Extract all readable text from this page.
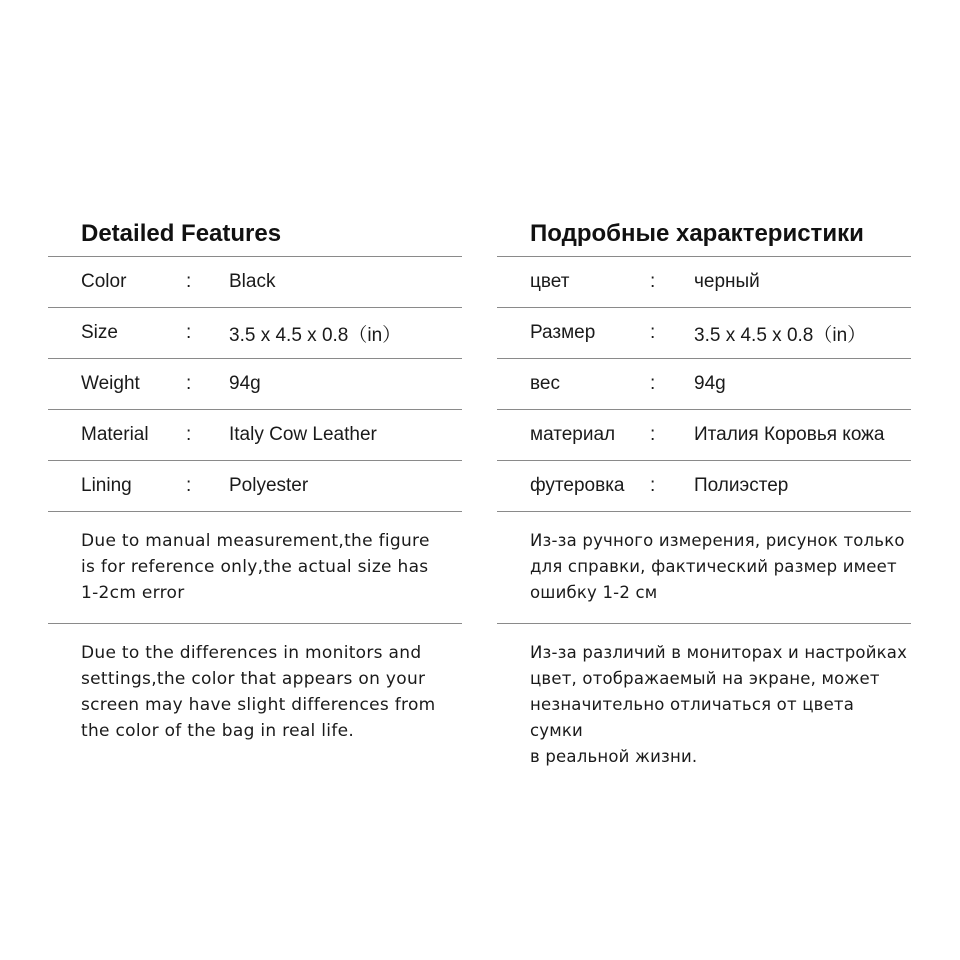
Detailed Features
Color	: Black
Size	: 3.5 x 4.5 x 0.8（in）
Weight : 94g
Material : Italy Cow Leather
Lining	: Polyester
Due to manual measurement,the figure
is for reference only,the actual size has
1-2cm error
Due to the differences in monitors and
settings,the color that appears on your
screen may have slight differences from
the color of the bag in real life.
Подробные характеристики
цвет	: черный
Размер	: 3.5 x 4.5 x 0.8（in）
вес	: 94g
материал : Италия Коровья кожа
футеровка : Полиэстер
Из-за ручного измерения, рисунок только
для справки, фактический размер имеет
ошибку 1-2 см
Из-за различий в мониторах и настройках
цвет, отображаемый на экране, может
незначительно отличаться от цвета сумки
в реальной жизни.
